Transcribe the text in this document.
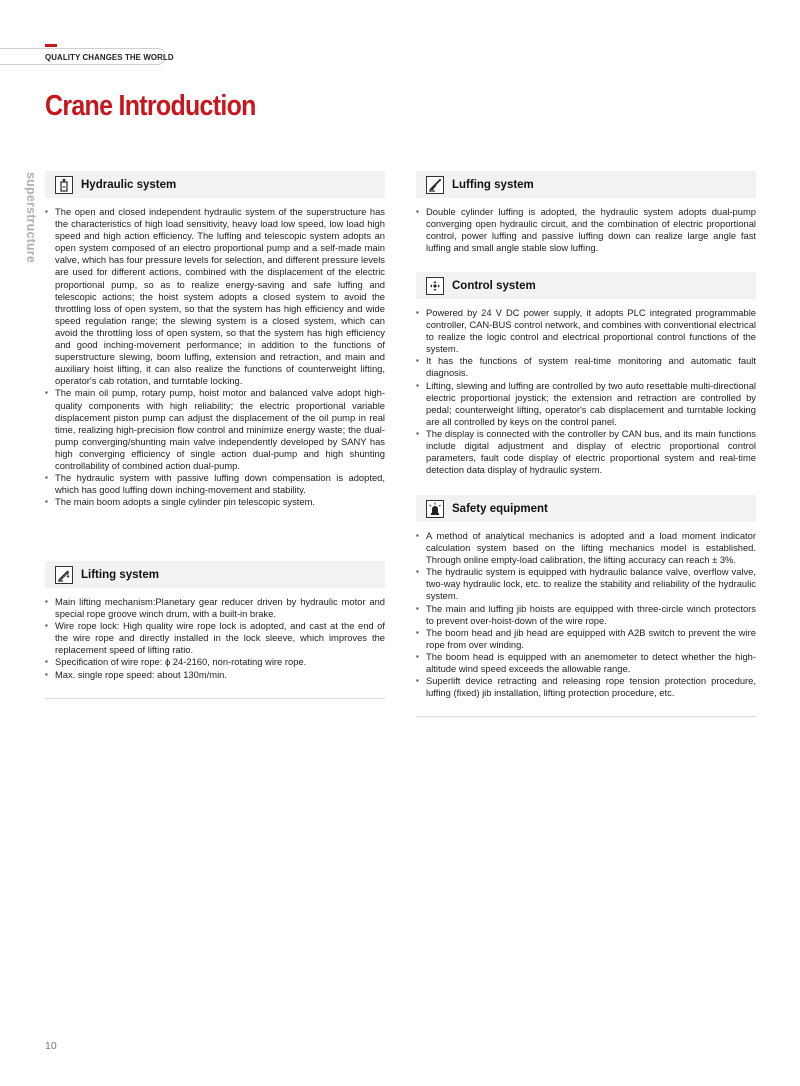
QUALITY CHANGES THE WORLD
Crane Introduction
superstructure	Hydraulic system

▪ The open and closed independent hydraulic system of the superstructure has the characteristics of high load sensitivity, heavy load low speed, low load high speed and high action efficiency. The luffing and telescopic system adopts an open system composed of an electro proportional pump and a self-made main valve, which has four pressure levels for selection, and different pressure levels are used for different actions, combined with the displacement of the electric proportional pump, so as to realize energy-saving and safe luffing and telescopic actions; the hoist system adopts a closed system to avoid the throttling loss of open system, so that the system has high efficiency and wide speed regulation range; the slewing system is a closed system, which can avoid the throttling loss of open system, so that the system has high efficiency and good inching-movement performance; in addition to the functions of superstructure slewing, boom luffing, extension and retraction, and main and auxiliary hoist lifting, it can also realize the functions of counterweight lifting, operator's cab rotation, and turntable locking.

▪ The main oil pump, rotary pump, hoist motor and balanced valve adopt high-quality components with high reliability; the electric proportional variable displacement piston pump can adjust the displacement of the oil pump in real time, realizing high-precision flow control and minimize energy waste; the dual-pump converging/shunting main valve independently developed by SANY has high converging efficiency of single action dual-pump and high shunting controllability of combined action dual-pump.

▪ The hydraulic system with passive luffing down compensation is adopted, which has good luffing down inching-movement and stability.

▪ The main boom adopts a single cylinder pin telescopic system.

Lifting system

▪ Main lifting mechanism:Planetary gear reducer driven by hydraulic motor and special rope groove winch drum, with a built-in brake.

▪ Wire rope lock: High quality wire rope lock is adopted, and cast at the end of the wire rope and directly installed in the lock sleeve, which improves the replacement speed of lifting ratio.

▪ Specification of wire rope: ϕ 24-2160, non-rotating wire rope.

▪ Max. single rope speed: about 130m/min.

Luffing system

▪ Double cylinder luffing is adopted, the hydraulic system adopts dual-pump converging open hydraulic circuit, and the combination of electric proportional control, power luffing and passive luffing down can realize large angle fast luffing and small angle stable slow luffing.

Control system

▪ Powered by 24 V DC power supply, it adopts PLC integrated programmable controller, CAN-BUS control network, and combines with conventional electrical to realize the logic control and electrical proportional control functions of the system.

▪ It has the functions of system real-time monitoring and automatic fault diagnosis.

▪ Lifting, slewing and luffing are controlled by two auto resettable multi-directional electric proportional joystick; the extension and retraction are controlled by pedal; counterweight lifting, operator's cab displacement and turntable locking are all controlled by keys on the control panel.

▪ The display is connected with the controller by CAN bus, and its main functions include digital adjustment and display of electric proportional control parameters, fault code display of electric proportional system and real-time detection data display of hydraulic system.

Safety equipment

▪ A method of analytical mechanics is adopted and a load moment indicator calculation system based on the lifting mechanics model is established. Through online empty-load calibration, the lifting accuracy can reach ± 3%.

▪ The hydraulic system is equipped with hydraulic balance valve, overflow valve, two-way hydraulic lock, etc. to realize the stability and reliability of the hydraulic system.

▪ The main and luffing jib hoists are equipped with three-circle winch protectors to prevent over-hoist-down of the wire rope.

▪ The boom head and jib head are equipped with A2B switch to prevent the wire rope from over winding.

▪ The boom head is equipped with an anemometer to detect whether the high-altitude wind speed exceeds the allowable range.

▪ Superlift device retracting and releasing rope tension protection procedure, luffing (fixed) jib installation, lifting protection procedure, etc.

10
